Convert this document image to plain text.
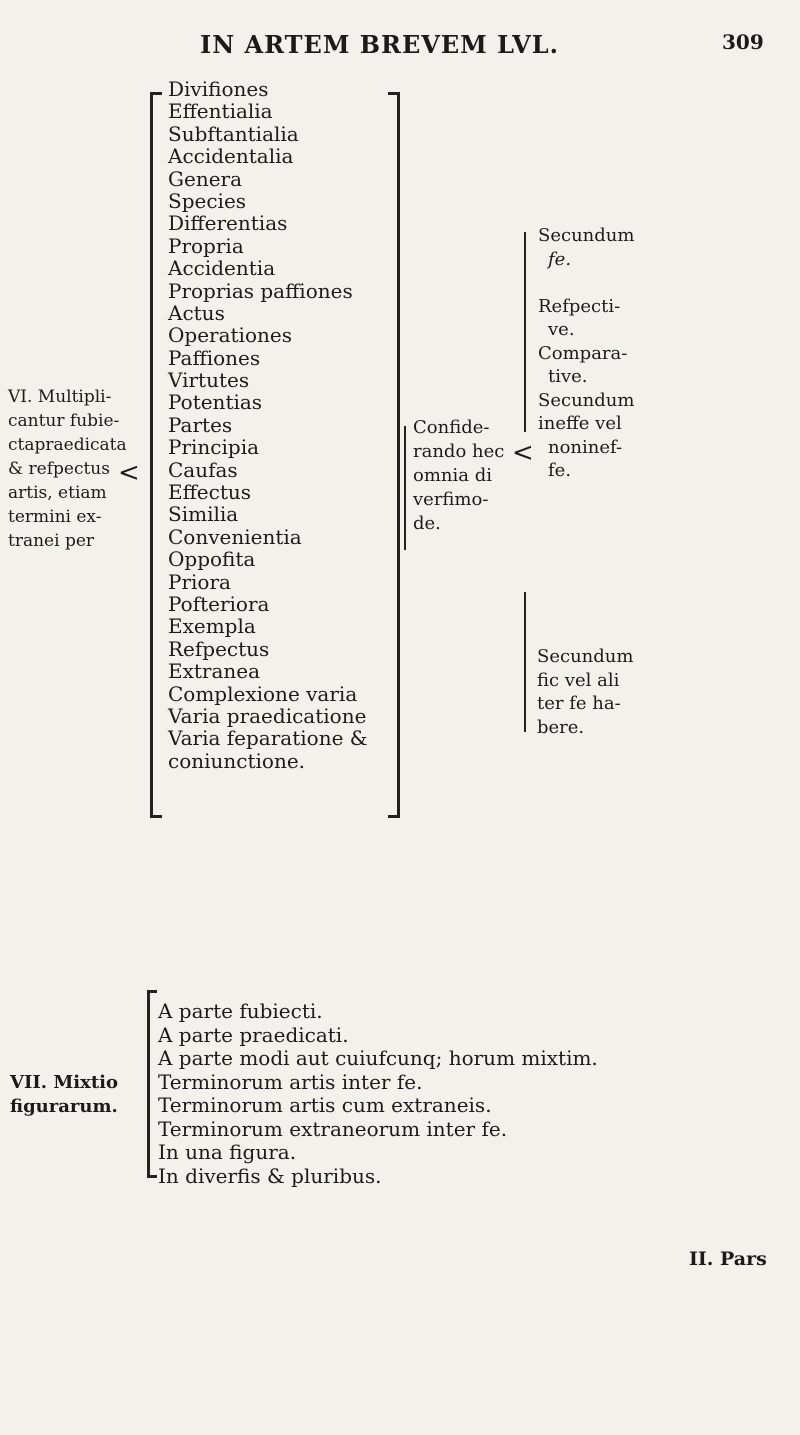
IN ARTEM BREVEM LVL.	309
Divifiones
Effentialia
Subftantialia
Accidentalia
Genera
Species
Differentias
Propria
Accidentia
Proprias paffiones
Actus
Operationes
Paffiones
Virtutes
Potentias
Partes
Principia
Caufas
Effectus
Similia
Convenientia
Oppofita
Priora
Pofteriora
Exempla
Refpectus
Extranea
Complexione varia
Varia praedicatione
Varia feparatione &
coniunctione.
VI. Multipli-
cantur fubie-
ctapraedicata
& refpectus
artis, etiam
termini ex-
tranei per
<
Confide-
rando hec
omnia di
verfimo-
de.
<
Secundum
fe.
Refpecti-
ve.
Compara-
tive.
Secundum
ineffe vel
noninef-
fe.
Secundum
fic vel ali
ter fe ha-
bere.
VII. Mixtio
figurarum.
A parte fubiecti.
A parte praedicati.
A parte modi aut cuiufcunq; horum mixtim.
Terminorum artis inter fe.
Terminorum artis cum extraneis.
Terminorum extraneorum inter fe.
In una figura.
In diverfis & pluribus.
II. Pars
